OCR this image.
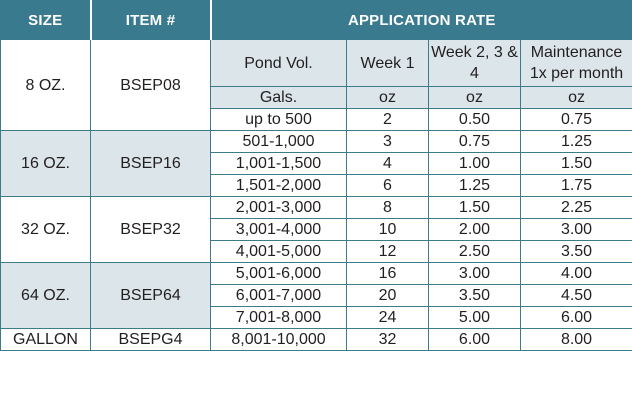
SIZE	ITEM #	APPLICATION RATE			
8 OZ.	BSEP08	Pond Vol.	Week 1	Week 2, 3 & 4	Maintenance 1x per month
		Gals.	oz	oz	oz
		up to 500	2	0.50	0.75
16 OZ.	BSEP16	501-1,000	3	0.75	1.25
		1,001-1,500	4	1.00	1.50
		1,501-2,000	6	1.25	1.75
32 OZ.	BSEP32	2,001-3,000	8	1.50	2.25
		3,001-4,000	10	2.00	3.00
		4,001-5,000	12	2.50	3.50
64 OZ.	BSEP64	5,001-6,000	16	3.00	4.00
		6,001-7,000	20	3.50	4.50
		7,001-8,000	24	5.00	6.00
GALLON	BSEPG4	8,001-10,000	32	6.00	8.00
